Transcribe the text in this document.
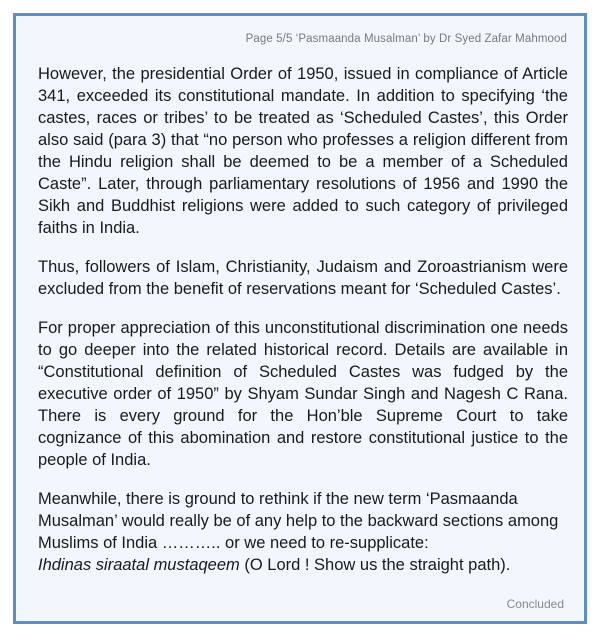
Page 5/5 ‘Pasmaanda Musalman’ by Dr Syed Zafar Mahmood

However, the presidential Order of 1950, issued in compliance of Article 341, exceeded its constitutional mandate. In addition to specifying ‘the castes, races or tribes’ to be treated as ‘Scheduled Castes’, this Order also said (para 3) that “no person who professes a religion different from the Hindu religion shall be deemed to be a member of a Scheduled Caste”. Later, through parliamentary resolutions of 1956 and 1990 the Sikh and Buddhist religions were added to such category of privileged faiths in India.

Thus, followers of Islam, Christianity, Judaism and Zoroastrianism were excluded from the benefit of reservations meant for ‘Scheduled Castes’.

For proper appreciation of this unconstitutional discrimination one needs to go deeper into the related historical record. Details are available in “Constitutional definition of Scheduled Castes was fudged by the executive order of 1950” by Shyam Sundar Singh and Nagesh C Rana. There is every ground for the Hon’ble Supreme Court to take cognizance of this abomination and restore constitutional justice to the people of India.

Meanwhile, there is ground to rethink if the new term ‘Pasmaanda Musalman’ would really be of any help to the backward sections among Muslims of India ……….. or we need to re-supplicate:
Ihdinas siraatal mustaqeem (O Lord ! Show us the straight path).

Concluded
